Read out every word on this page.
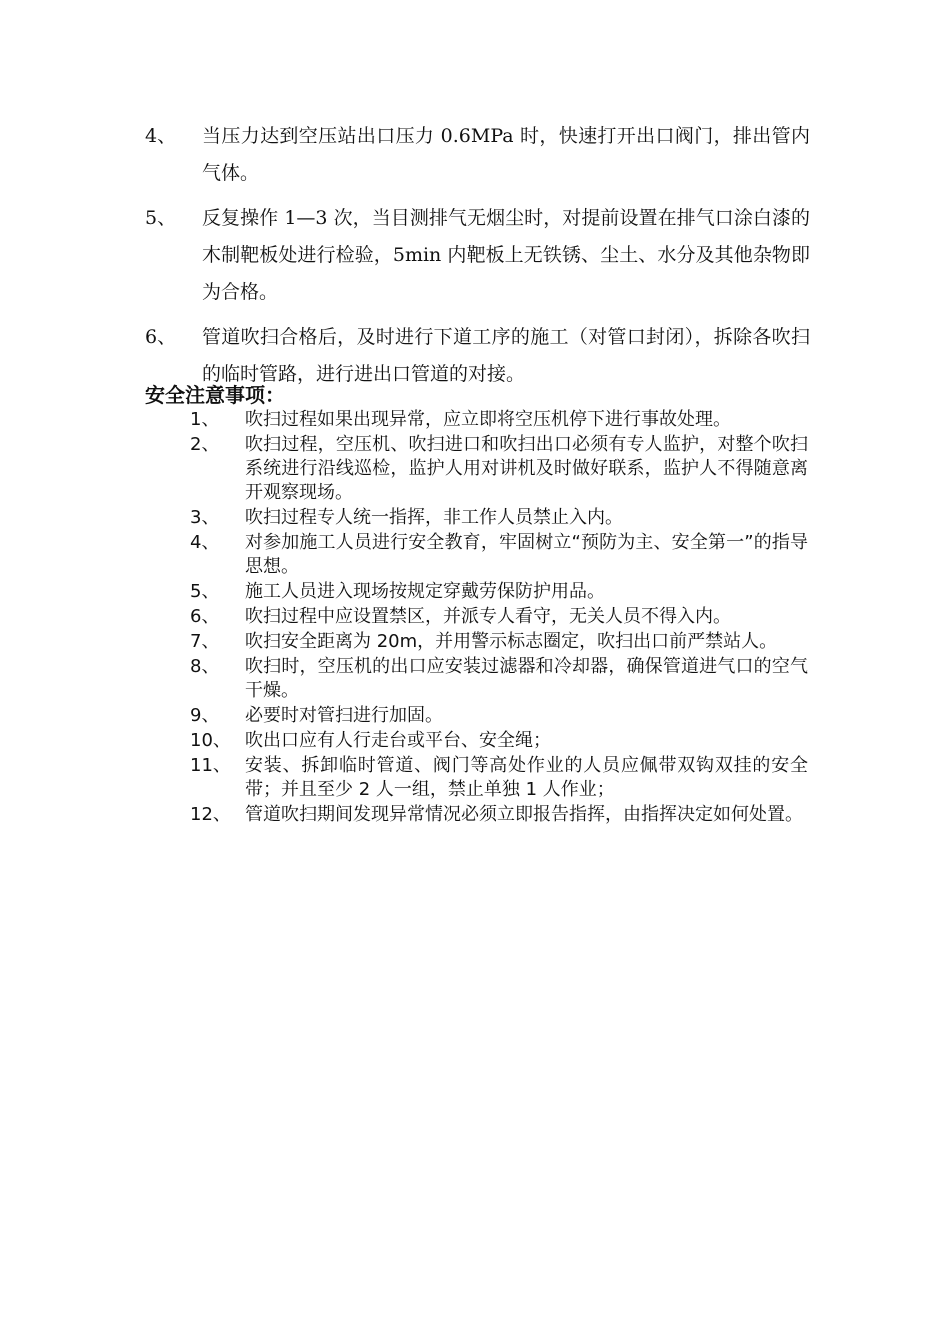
4、	当压力达到空压站出口压力 0.6MPa 时，快速打开出口阀门，排出管内气体。
5、	反复操作 1—3 次，当目测排气无烟尘时，对提前设置在排气口涂白漆的木制靶板处进行检验，5min 内靶板上无铁锈、尘土、水分及其他杂物即为合格。
6、	管道吹扫合格后，及时进行下道工序的施工（对管口封闭），拆除各吹扫的临时管路，进行进出口管道的对接。
安全注意事项：
1、	吹扫过程如果出现异常，应立即将空压机停下进行事故处理。
2、	吹扫过程，空压机、吹扫进口和吹扫出口必须有专人监护，对整个吹扫系统进行沿线巡检，监护人用对讲机及时做好联系，监护人不得随意离开观察现场。
3、	吹扫过程专人统一指挥，非工作人员禁止入内。
4、	对参加施工人员进行安全教育，牢固树立“预防为主、安全第一”的指导思想。
5、	施工人员进入现场按规定穿戴劳保防护用品。
6、	吹扫过程中应设置禁区，并派专人看守，无关人员不得入内。
7、	吹扫安全距离为 20m，并用警示标志圈定，吹扫出口前严禁站人。
8、	吹扫时，空压机的出口应安装过滤器和冷却器，确保管道进气口的空气干燥。
9、	必要时对管扫进行加固。
10、 吹出口应有人行走台或平台、安全绳；
11、 安装、拆卸临时管道、阀门等高处作业的人员应佩带双钩双挂的安全带；并且至少 2 人一组，禁止单独 1 人作业；
12、 管道吹扫期间发现异常情况必须立即报告指挥，由指挥决定如何处置。
